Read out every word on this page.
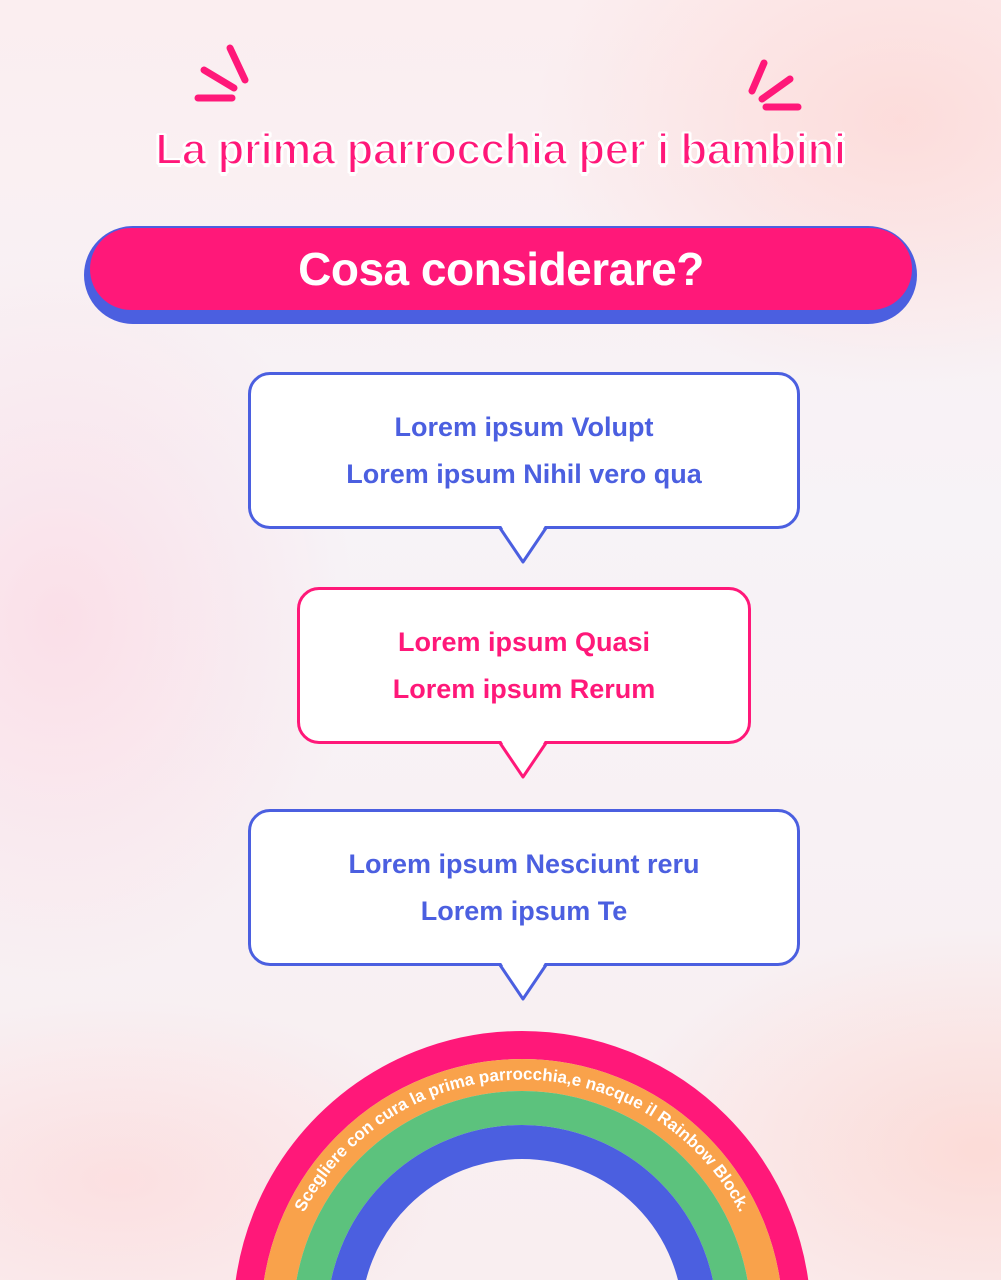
La prima parrocchia per i bambini
Cosa considerare?
Lorem ipsum Volupt
Lorem ipsum Nihil vero qua
Lorem ipsum Quasi
Lorem ipsum Rerum
Lorem ipsum Nesciunt reru
Lorem ipsum Te
Scegliere con cura la prima parrocchia,e nacque il Rainbow Block.
